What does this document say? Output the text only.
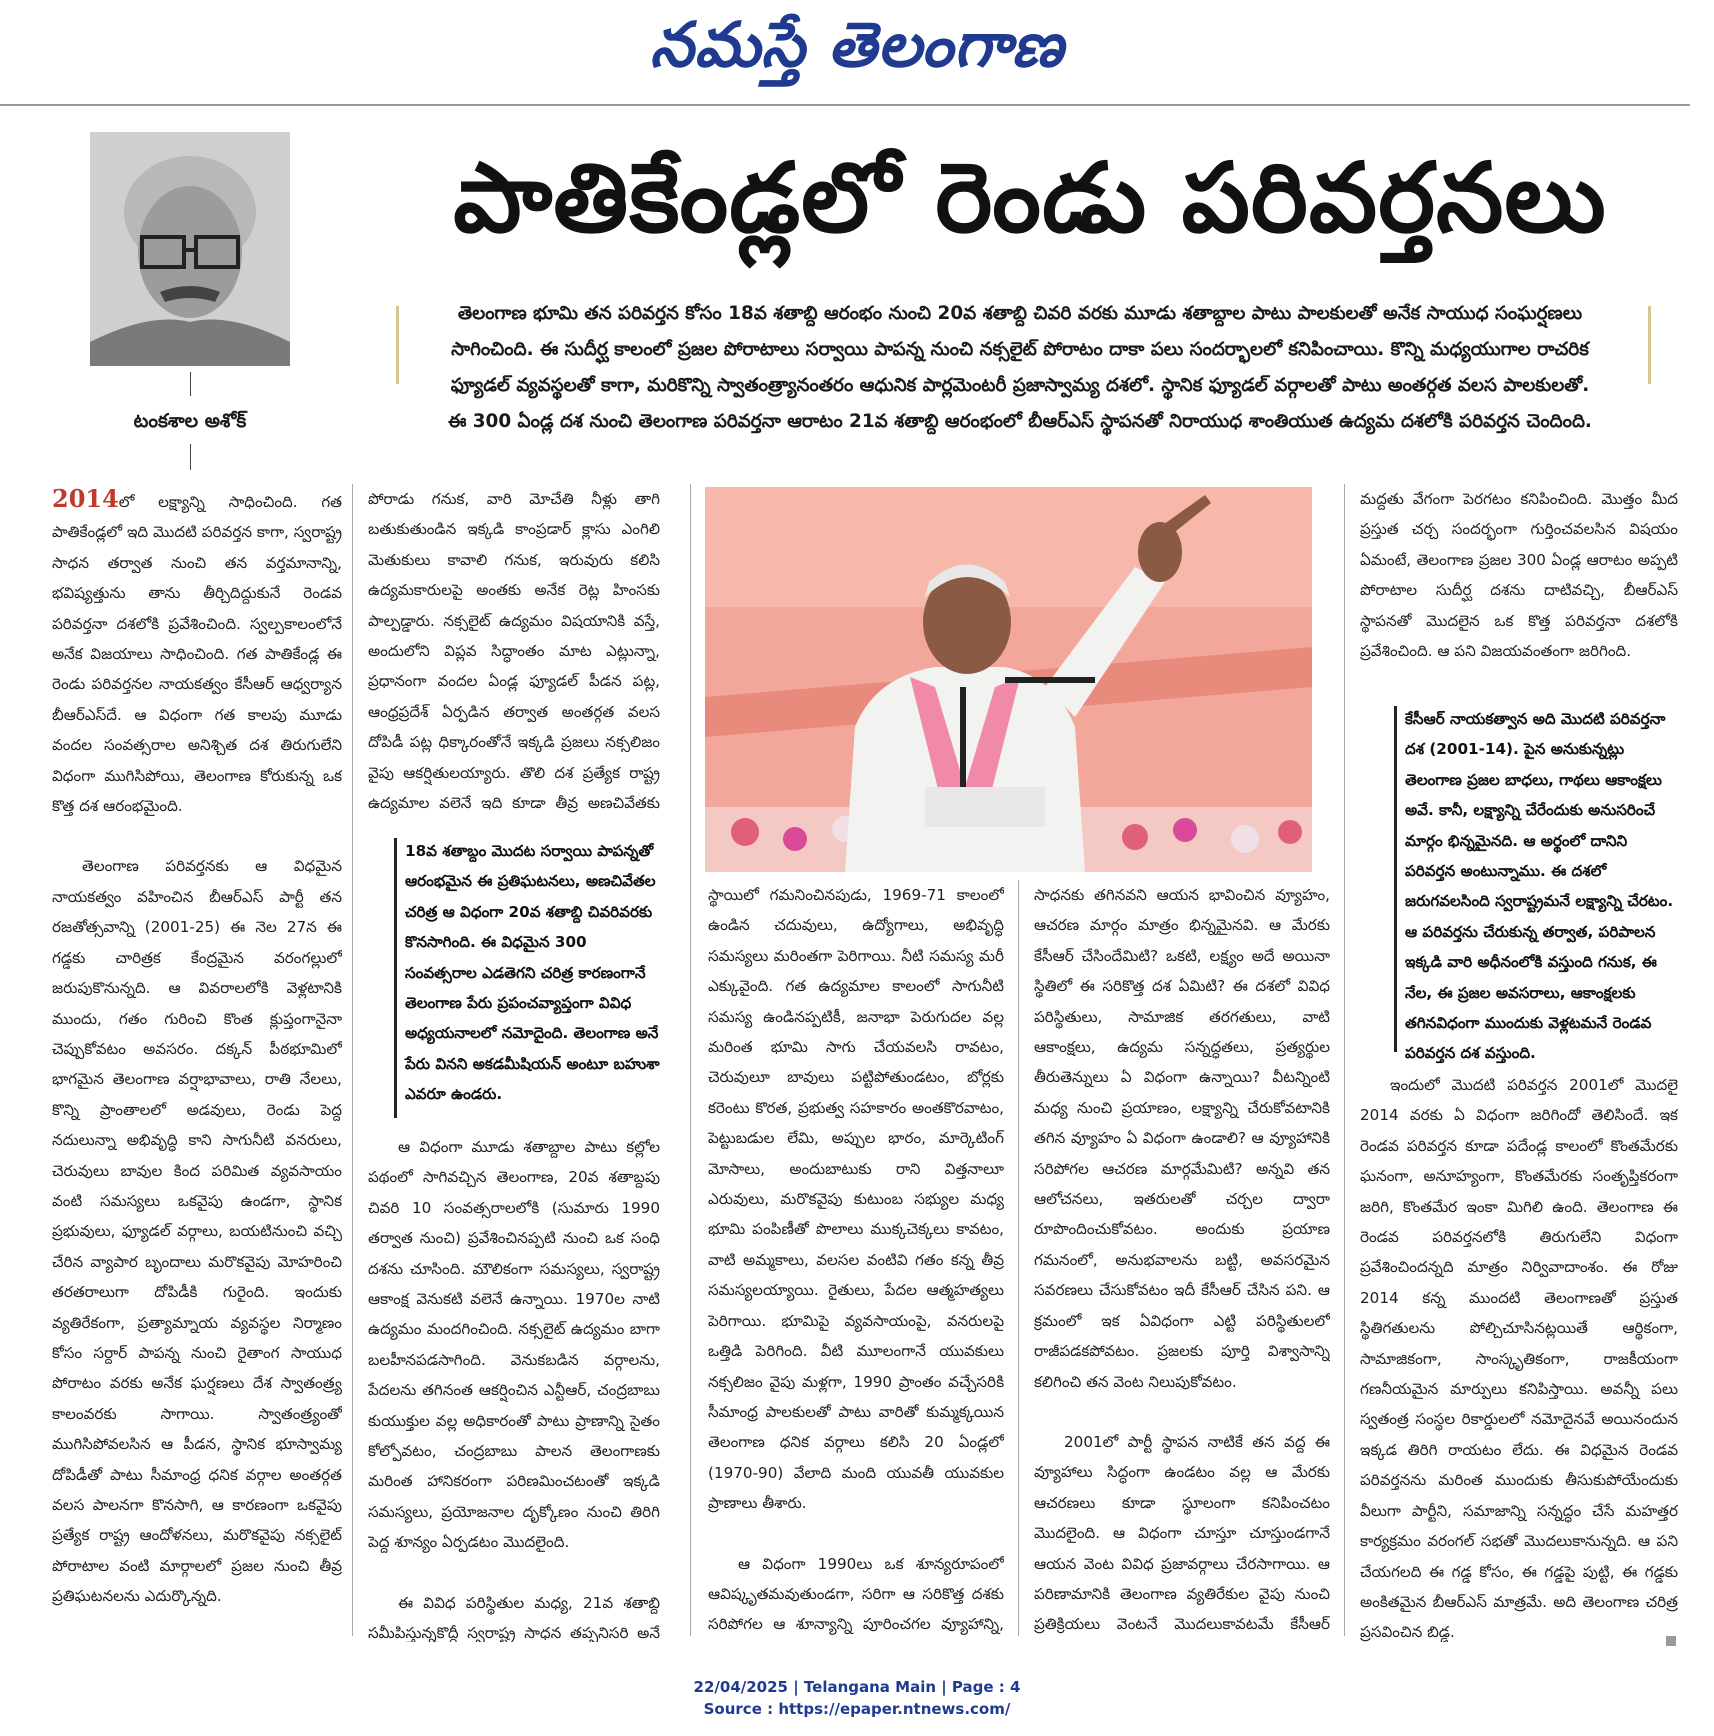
నమస్తే తెలంగాణ
టంకశాల అశోక్
పాతికేండ్లలో రెండు పరివర్తనలు
తెలంగాణ భూమి తన పరివర్తన కోసం 18వ శతాబ్ది ఆరంభం నుంచి 20వ శతాబ్ది చివరి వరకు మూడు శతాబ్దాల పాటు పాలకులతో అనేక సాయుధ సంఘర్షణలు సాగించింది. ఈ సుదీర్ఘ కాలంలో ప్రజల పోరాటాలు సర్వాయి పాపన్న నుంచి నక్సలైట్ పోరాటం దాకా పలు సందర్భాలలో కనిపించాయి. కొన్ని మధ్యయుగాల రాచరిక ఫ్యూడల్ వ్యవస్థలతో కాగా, మరికొన్ని స్వాతంత్ర్యానంతరం ఆధునిక పార్లమెంటరీ ప్రజాస్వామ్య దశలో. స్థానిక ఫ్యూడల్ వర్గాలతో పాటు అంతర్గత వలస పాలకులతో. ఈ 300 ఏండ్ల దశ నుంచి తెలంగాణ పరివర్తనా ఆరాటం 21వ శతాబ్ది ఆరంభంలో బీఆర్ఎస్ స్థాపనతో నిరాయుధ శాంతియుత ఉద్యమ దశలోకి పరివర్తన చెందింది.

2014లో లక్ష్యాన్ని సాధించింది. గత పాతికేండ్లలో ఇది మొదటి పరివర్తన కాగా, స్వరాష్ట్ర సాధన తర్వాత నుంచి తన వర్తమానాన్ని, భవిష్యత్తును తాను తీర్చిదిద్దుకునే రెండవ పరివర్తనా దశలోకి ప్రవేశించింది. స్వల్పకాలంలోనే అనేక విజయాలు సాధించింది. గత పాతికేండ్ల ఈ రెండు పరివర్తనల నాయకత్వం కేసీఆర్ ఆధ్వర్యాన బీఆర్ఎస్‌దే. ఆ విధంగా గత కాలపు మూడు వందల సంవత్సరాల అనిశ్చిత దశ తిరుగులేని విధంగా ముగిసిపోయి, తెలంగాణ కోరుకున్న ఒక కొత్త దశ ఆరంభమైంది.

తెలంగాణ పరివర్తనకు ఆ విధమైన నాయకత్వం వహించిన బీఆర్ఎస్ పార్టీ తన రజతోత్సవాన్ని (2001-25) ఈ నెల 27న ఈ గడ్డకు చారిత్రక కేంద్రమైన వరంగల్లులో జరుపుకొనున్నది. ఆ వివరాలలోకి వెళ్లటానికి ముందు, గతం గురించి కొంత క్లుప్తంగానైనా చెప్పుకోవటం అవసరం. దక్కన్ పీఠభూమిలో భాగమైన తెలంగాణ వర్షాభావాలు, రాతి నేలలు, కొన్ని ప్రాంతాలలో అడవులు, రెండు పెద్ద నదులున్నా అభివృద్ధి కాని సాగునీటి వనరులు, చెరువులు బావుల కింద పరిమిత వ్యవసాయం వంటి సమస్యలు ఒకవైపు ఉండగా, స్థానిక ప్రభువులు, ఫ్యూడల్ వర్గాలు, బయటినుంచి వచ్చి చేరిన వ్యాపార బృందాలు మరొకవైపు మోహరించి తరతరాలుగా దోపిడీకి గురైంది. ఇందుకు వ్యతిరేకంగా, ప్రత్యామ్నాయ వ్యవస్థల నిర్మాణం కోసం సర్దార్ పాపన్న నుంచి రైతాంగ సాయుధ పోరాటం వరకు అనేక ఘర్షణలు దేశ స్వాతంత్ర్య కాలంవరకు సాగాయి. స్వాతంత్ర్యంతో ముగిసిపోవలసిన ఆ పీడన, స్థానిక భూస్వామ్య దోపిడీతో పాటు సీమాంధ్ర ధనిక వర్గాల అంతర్గత వలస పాలనగా కొనసాగి, ఆ కారణంగా ఒకవైపు ప్రత్యేక రాష్ట్ర ఆందోళనలు, మరొకవైపు నక్సలైట్ పోరాటాల వంటి మార్గాలలో ప్రజల నుంచి తీవ్ర ప్రతిఘటనలను ఎదుర్కొన్నది.

పోరాడు గనుక, వారి మోచేతి నీళ్లు తాగి బతుకుతుండిన ఇక్కడి కాంప్రడార్ క్లాసు ఎంగిలి మెతుకులు కావాలి గనుక, ఇరువురు కలిసి ఉద్యమకారులపై అంతకు అనేక రెట్ల హింసకు పాల్పడ్డారు. నక్సలైట్ ఉద్యమం విషయానికి వస్తే, అందులోని విప్లవ సిద్ధాంతం మాట ఎట్లున్నా, ప్రధానంగా వందల ఏండ్ల ఫ్యూడల్ పీడన పట్ల, ఆంధ్రప్రదేశ్ ఏర్పడిన తర్వాత అంతర్గత వలస దోపిడీ పట్ల ధిక్కారంతోనే ఇక్కడి ప్రజలు నక్సలిజం వైపు ఆకర్షితులయ్యారు. తొలి దశ ప్రత్యేక రాష్ట్ర ఉద్యమాల వలెనే ఇది కూడా తీవ్ర అణచివేతకు

18వ శతాబ్దం మొదట సర్వాయి పాపన్నతో ఆరంభమైన ఈ ప్రతిఘటనలు, అణచివేతల చరిత్ర ఆ విధంగా 20వ శతాబ్ది చివరివరకు కొనసాగింది. ఈ విధమైన 300 సంవత్సరాల ఎడతెగని చరిత్ర కారణంగానే తెలంగాణ పేరు ప్రపంచవ్యాప్తంగా వివిధ అధ్యయనాలలో నమోదైంది. తెలంగాణ అనే పేరు వినని అకడమీషియన్ అంటూ బహుశా ఎవరూ ఉండరు.

ఆ విధంగా మూడు శతాబ్దాల పాటు కల్లోల పథంలో సాగివచ్చిన తెలంగాణ, 20వ శతాబ్దపు చివరి 10 సంవత్సరాలలోకి (సుమారు 1990 తర్వాత నుంచి) ప్రవేశించినప్పటి నుంచి ఒక సంధి దశను చూసింది. మౌలికంగా సమస్యలు, స్వరాష్ట్ర ఆకాంక్ష వెనుకటి వలెనే ఉన్నాయి. 1970ల నాటి ఉద్యమం మందగించింది. నక్సలైట్ ఉద్యమం బాగా బలహీనపడసాగింది. వెనుకబడిన వర్గాలను, పేదలను తగినంత ఆకర్షించిన ఎన్టీఆర్, చంద్రబాబు కుయుక్తుల వల్ల అధికారంతో పాటు ప్రాణాన్ని సైతం కోల్పోవటం, చంద్రబాబు పాలన తెలంగాణకు మరింత హానికరంగా పరిణమించటంతో ఇక్కడి సమస్యలు, ప్రయోజనాల దృక్కోణం నుంచి తిరిగి పెద్ద శూన్యం ఏర్పడటం మొదలైంది.

ఈ వివిధ పరిస్థితుల మధ్య, 21వ శతాబ్ది సమీపిస్తున్నకొద్దీ స్వరాష్ట్ర సాధన తప్పనిసరి అనే

స్థాయిలో గమనించినపుడు, 1969-71 కాలంలో ఉండిన చదువులు, ఉద్యోగాలు, అభివృద్ధి సమస్యలు మరింతగా పెరిగాయి. నీటి సమస్య మరీ ఎక్కువైంది. గత ఉద్యమాల కాలంలో సాగునీటి సమస్య ఉండినప్పటికీ, జనాభా పెరుగుదల వల్ల మరింత భూమి సాగు చేయవలసి రావటం, చెరువులూ బావులు పట్టిపోతుండటం, బోర్లకు కరెంటు కొరత, ప్రభుత్వ సహకారం అంతకొరవాటం, పెట్టుబడుల లేమి, అప్పుల భారం, మార్కెటింగ్ మోసాలు, అందుబాటుకు రాని విత్తనాలూ ఎరువులు, మరొకవైపు కుటుంబ సభ్యుల మధ్య భూమి పంపిణీతో పొలాలు ముక్కచెక్కలు కావటం, వాటి అమ్మకాలు, వలసల వంటివి గతం కన్న తీవ్ర సమస్యలయ్యాయి. రైతులు, పేదల ఆత్మహత్యలు పెరిగాయి. భూమిపై వ్యవసాయంపై, వనరులపై ఒత్తిడి పెరిగింది. వీటి మూలంగానే యువకులు నక్సలిజం వైపు మళ్లగా, 1990 ప్రాంతం వచ్చేసరికి సీమాంధ్ర పాలకులతో పాటు వారితో కుమ్మక్కయిన తెలంగాణ ధనిక వర్గాలు కలిసి 20 ఏండ్లలో (1970-90) వేలాది మంది యువతీ యువకుల ప్రాణాలు తీశారు.

ఆ విధంగా 1990లు ఒక శూన్యరూపంలో ఆవిష్కృతమవుతుండగా, సరిగా ఆ సరికొత్త దశకు సరిపోగల ఆ శూన్యాన్ని పూరించగల వ్యూహాన్ని,

సాధనకు తగినవని ఆయన భావించిన వ్యూహం, ఆచరణ మార్గం మాత్రం భిన్నమైనవి. ఆ మేరకు కేసీఆర్ చేసిందేమిటి? ఒకటి, లక్ష్యం అదే అయినా స్థితిలో ఈ సరికొత్త దశ ఏమిటి? ఈ దశలో వివిధ పరిస్థితులు, సామాజిక తరగతులు, వాటి ఆకాంక్షలు, ఉద్యమ సన్నద్ధతలు, ప్రత్యర్థుల తీరుతెన్నులు ఏ విధంగా ఉన్నాయి? వీటన్నింటి మధ్య నుంచి ప్రయాణం, లక్ష్యాన్ని చేరుకోవటానికి తగిన వ్యూహం ఏ విధంగా ఉండాలి? ఆ వ్యూహానికి సరిపోగల ఆచరణ మార్గమేమిటి? అన్నవి తన ఆలోచనలు, ఇతరులతో చర్చల ద్వారా రూపొందించుకోవటం. అందుకు ప్రయాణ గమనంలో, అనుభవాలను బట్టి, అవసరమైన సవరణలు చేసుకోవటం ఇదీ కేసీఆర్ చేసిన పని. ఆ క్రమంలో ఇక ఏవిధంగా ఎట్టి పరిస్థితులలో రాజీపడకపోవటం. ప్రజలకు పూర్తి విశ్వాసాన్ని కలిగించి తన వెంట నిలుపుకోవటం.

2001లో పార్టీ స్థాపన నాటికే తన వద్ద ఈ వ్యూహాలు సిద్ధంగా ఉండటం వల్ల ఆ మేరకు ఆచరణలు కూడా స్థూలంగా కనిపించటం మొదలైంది. ఆ విధంగా చూస్తూ చూస్తుండగానే ఆయన వెంట వివిధ ప్రజావర్గాలు చేరసాగాయి. ఆ పరిణామానికి తెలంగాణ వ్యతిరేకుల వైపు నుంచి ప్రతిక్రియలు వెంటనే మొదలుకావటమే కేసీఆర్

మద్దతు వేగంగా పెరగటం కనిపించింది. మొత్తం మీద ప్రస్తుత చర్చ సందర్భంగా గుర్తించవలసిన విషయం ఏమంటే, తెలంగాణ ప్రజల 300 ఏండ్ల ఆరాటం అప్పటి పోరాటాల సుదీర్ఘ దశను దాటివచ్చి, బీఆర్ఎస్ స్థాపనతో మొదలైన ఒక కొత్త పరివర్తనా దశలోకి ప్రవేశించింది. ఆ పని విజయవంతంగా జరిగింది.

కేసీఆర్ నాయకత్వాన అది మొదటి పరివర్తనా దశ (2001-14). పైన అనుకున్నట్లు తెలంగాణ ప్రజల బాధలు, గాథలు ఆకాంక్షలు అవే. కానీ, లక్ష్యాన్ని చేరేందుకు అనుసరించే మార్గం భిన్నమైనది. ఆ అర్థంలో దానిని పరివర్తన అంటున్నాము. ఈ దశలో జరుగవలసింది స్వరాష్ట్రమనే లక్ష్యాన్ని చేరటం. ఆ పరివర్తను చేరుకున్న తర్వాత, పరిపాలన ఇక్కడి వారి అధీనంలోకి వస్తుంది గనుక, ఈ నేల, ఈ ప్రజల అవసరాలు, ఆకాంక్షలకు తగినవిధంగా ముందుకు వెళ్లటమనే రెండవ పరివర్తన దశ వస్తుంది.

ఇందులో మొదటి పరివర్తన 2001లో మొదలై 2014 వరకు ఏ విధంగా జరిగిందో తెలిసిందే. ఇక రెండవ పరివర్తన కూడా పదేండ్ల కాలంలో కొంతమేరకు ఘనంగా, అనూహ్యంగా, కొంతమేరకు సంతృప్తికరంగా జరిగి, కొంతమేర ఇంకా మిగిలి ఉంది. తెలంగాణ ఈ రెండవ పరివర్తనలోకి తిరుగులేని విధంగా ప్రవేశించిందన్నది మాత్రం నిర్వివాదాంశం. ఈ రోజు 2014 కన్న ముందటి తెలంగాణతో ప్రస్తుత స్థితిగతులను పోల్చిచూసినట్లయితే ఆర్థికంగా, సామాజికంగా, సాంస్కృతికంగా, రాజకీయంగా గణనీయమైన మార్పులు కనిపిస్తాయి. అవన్నీ పలు స్వతంత్ర సంస్థల రికార్డులలో నమోదైనవే అయినందున ఇక్కడ తిరిగి రాయటం లేదు. ఈ విధమైన రెండవ పరివర్తనను మరింత ముందుకు తీసుకుపోయేందుకు వీలుగా పార్టీని, సమాజాన్ని సన్నద్ధం చేసే మహత్తర కార్యక్రమం వరంగల్ సభతో మొదలుకానున్నది. ఆ పని చేయగలది ఈ గడ్డ కోసం, ఈ గడ్డపై పుట్టి, ఈ గడ్డకు అంకితమైన బీఆర్ఎస్ మాత్రమే. అది తెలంగాణ చరిత్ర ప్రసవించిన బిడ్డ.

22/04/2025 | Telangana Main | Page : 4
Source : https://epaper.ntnews.com/
